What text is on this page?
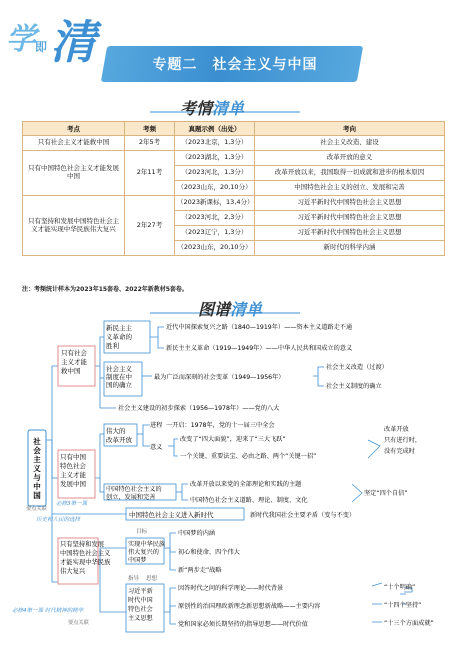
学 即 清	专题二　社会主义与中国
考情清单
考点	考频	真题示例（出处）	考向
只有社会主义才能救中国	2年5考	（2023北京，1,3分）	社会主义改造、建设
只有中国特色社会主义才能发展中国	2年11考	（2023湖北，1,3分）	改革开放的意义
		（2023河北，1,3分）	改革开放以来，我国取得一切成就和进步的根本原因
		（2023山东，20,10分）	中国特色社会主义的创立、发展和完善
只有坚持和发展中国特色社会主义才能实现中华民族伟大复兴	2年27考	（2023新课标，13,4分）	习近平新时代中国特色社会主义思想
		（2023河北，2,3分）	习近平新时代中国特色社会主义思想
		（2023辽宁，1,3分）	习近平新时代中国特色社会主义思想
		（2023山东，20,10分）	新时代的科学内涵
注：考频统计样本为2023年15套卷、2022年新教材5套卷。
图谱清单
社会主义与中国
只有社会主义才能救中国
新民主主义革命的胜利
近代中国探索复兴之路（1840—1919年）——资本主义道路走不通
新民主主义革命（1919—1949年）——中华人民共和国成立的意义
社会主义制度在中国的确立
最为广泛而深刻的社会变革（1949—1956年）
社会主义改造（过渡）
社会主义制度的确立
社会主义建设的初步探索（1956—1978年）——党的八大
只有中国特色社会主义才能发展中国
伟大的改革开放
进程 一开启：1978年，党的十一届三中全会
意义
改变了“四大面貌”，迎来了“三大飞跃”
一个关键、重要法宝、必由之路、两个“关键一招”
改革开放只有进行时，没有完成时
中国特色社会主义的创立、发展和完善
改革开放以来党的全部理论和实践的主题
中国特色社会主义道路、理论、制度、文化
坚定“四个自信”
要点关联
必修3第一课历史和人民的选择
中国特色社会主义进入新时代	新时代我国社会主要矛盾（变与不变）
只有坚持和发展中国特色社会主义才能实现中华民族伟大复兴
实现中华民族伟大复兴的中国梦
目标	中国梦的内涵
初心和使命、四个伟大
新“两步走”战略
指导 思想
习近平新时代中国特色社会主义思想
因答时代之问的科学理论——时代背景
原创性的治国理政新理念新思想新战略——主要内容
党和国家必须长期坚持的指导思想——时代价值
“十个明确”
“十四个坚持”
“十三个方面成就”
必修4第一课 时代精神的精华
要点关联
